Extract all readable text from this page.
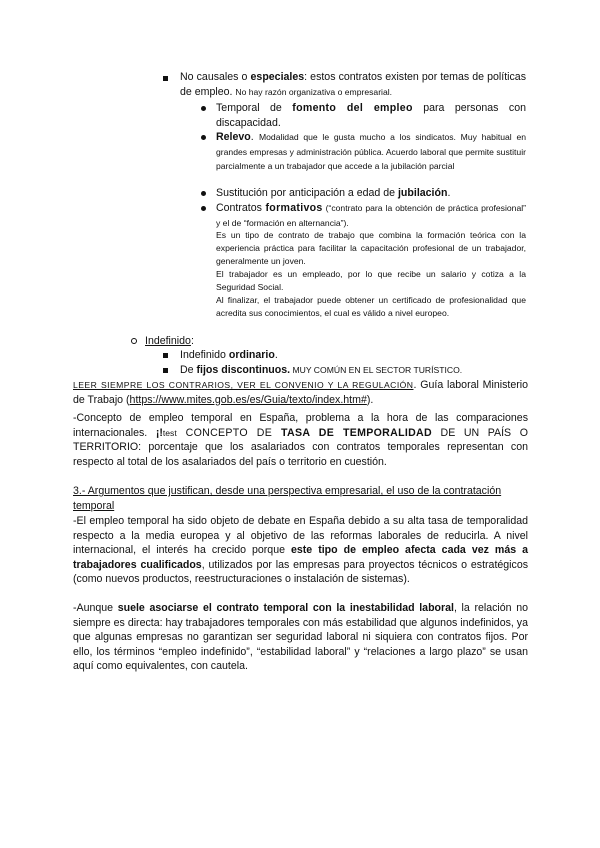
No causales o especiales: estos contratos existen por temas de políticas de empleo. No hay razón organizativa o empresarial.
Temporal de fomento del empleo para personas con discapacidad.
Relevo. Modalidad que le gusta mucho a los sindicatos. Muy habitual en grandes empresas y administración pública. Acuerdo laboral que permite sustituir parcialmente a un trabajador que accede a la jubilación parcial
Sustitución por anticipación a edad de jubilación.
Contratos formativos (“contrato para la obtención de práctica profesional” y el de “formación en alternancia”).
Es un tipo de contrato de trabajo que combina la formación teórica con la experiencia práctica para facilitar la capacitación profesional de un trabajador, generalmente un joven.
El trabajador es un empleado, por lo que recibe un salario y cotiza a la Seguridad Social.
Al finalizar, el trabajador puede obtener un certificado de profesionalidad que acredita sus conocimientos, el cual es válido a nivel europeo.
Indefinido:
Indefinido ordinario.
De fijos discontinuos. MUY COMÚN EN EL SECTOR TURÍSTICO.
LEER SIEMPRE LOS CONTRARIOS, VER EL CONVENIO Y LA REGULACIÓN. Guía laboral Ministerio de Trabajo (https://www.mites.gob.es/es/Guia/texto/index.htm#).
-Concepto de empleo temporal en España, problema a la hora de las comparaciones internacionales. ¡!test CONCEPTO DE TASA DE TEMPORALIDAD DE UN PAÍS O TERRITORIO: porcentaje que los asalariados con contratos temporales representan con respecto al total de los asalariados del país o territorio en cuestión.
3.- Argumentos que justifican, desde una perspectiva empresarial, el uso de la contratación temporal
-El empleo temporal ha sido objeto de debate en España debido a su alta tasa de temporalidad respecto a la media europea y al objetivo de las reformas laborales de reducirla. A nivel internacional, el interés ha crecido porque este tipo de empleo afecta cada vez más a trabajadores cualificados, utilizados por las empresas para proyectos técnicos o estratégicos (como nuevos productos, reestructuraciones o instalación de sistemas).
-Aunque suele asociarse el contrato temporal con la inestabilidad laboral, la relación no siempre es directa: hay trabajadores temporales con más estabilidad que algunos indefinidos, ya que algunas empresas no garantizan ser seguridad laboral ni siquiera con contratos fijos. Por ello, los términos “empleo indefinido”, “estabilidad laboral” y “relaciones a largo plazo” se usan aquí como equivalentes, con cautela.
